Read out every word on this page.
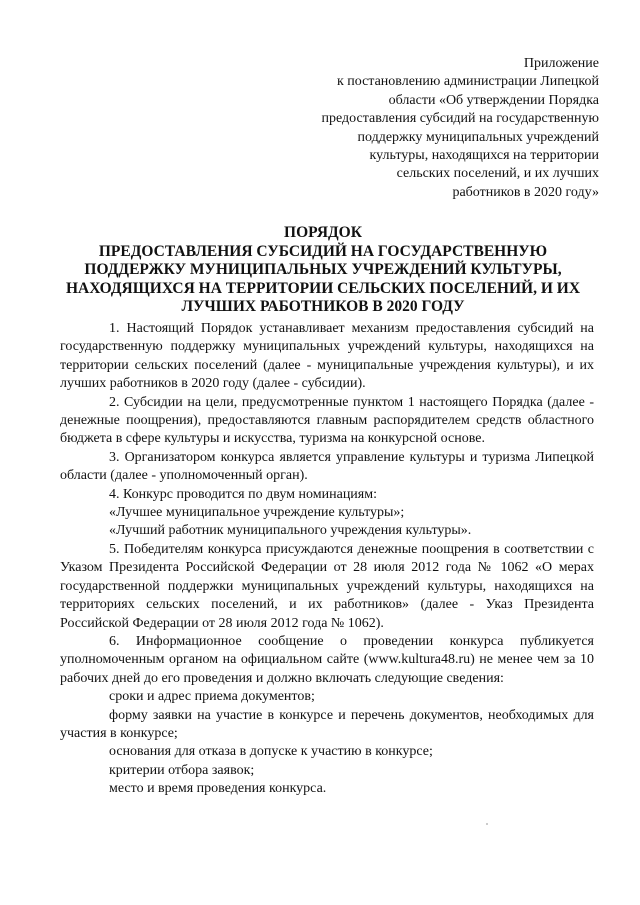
Приложение
к постановлению администрации Липецкой
области «Об утверждении Порядка
предоставления субсидий на государственную
поддержку муниципальных учреждений
культуры, находящихся на территории
сельских поселений, и их лучших
работников в 2020 году»
ПОРЯДОК
ПРЕДОСТАВЛЕНИЯ СУБСИДИЙ НА ГОСУДАРСТВЕННУЮ
ПОДДЕРЖКУ МУНИЦИПАЛЬНЫХ УЧРЕЖДЕНИЙ КУЛЬТУРЫ,
НАХОДЯЩИХСЯ НА ТЕРРИТОРИИ СЕЛЬСКИХ ПОСЕЛЕНИЙ, И ИХ
ЛУЧШИХ РАБОТНИКОВ В 2020 ГОДУ

1. Настоящий Порядок устанавливает механизм предоставления субсидий на государственную поддержку муниципальных учреждений культуры, находящихся на территории сельских поселений (далее - муниципальные учреждения культуры), и их лучших работников в 2020 году (далее - субсидии).

2. Субсидии на цели, предусмотренные пунктом 1 настоящего Порядка (далее - денежные поощрения), предоставляются главным распорядителем средств областного бюджета в сфере культуры и искусства, туризма на конкурсной основе.

3. Организатором конкурса является управление культуры и туризма Липецкой области (далее - уполномоченный орган).

4. Конкурс проводится по двум номинациям:

«Лучшее муниципальное учреждение культуры»;

«Лучший работник муниципального учреждения культуры».

5. Победителям конкурса присуждаются денежные поощрения в соответствии с Указом Президента Российской Федерации от 28 июля 2012 года № 1062 «О мерах государственной поддержки муниципальных учреждений культуры, находящихся на территориях сельских поселений, и их работников» (далее - Указ Президента Российской Федерации от 28 июля 2012 года № 1062).

6. Информационное сообщение о проведении конкурса публикуется уполномоченным органом на официальном сайте (www.kultura48.ru) не менее чем за 10 рабочих дней до его проведения и должно включать следующие сведения:

сроки и адрес приема документов;

форму заявки на участие в конкурсе и перечень документов, необходимых для участия в конкурсе;

основания для отказа в допуске к участию в конкурсе;

критерии отбора заявок;

место и время проведения конкурса.
